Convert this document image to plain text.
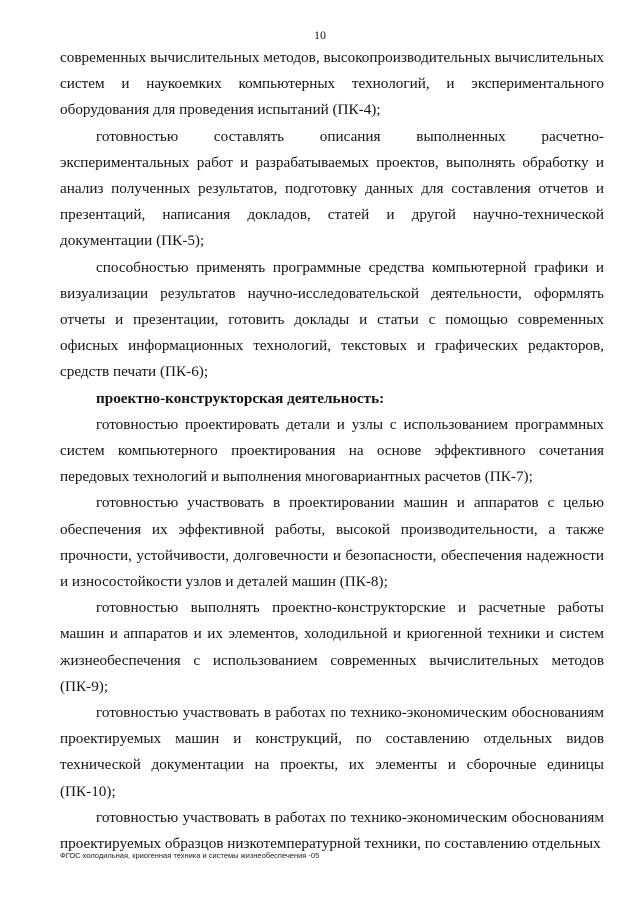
10

современных вычислительных методов, высокопроизводительных вычислительных систем и наукоемких компьютерных технологий, и экспериментального оборудования для проведения испытаний (ПК-4);

готовностью составлять описания выполненных расчетно-экспериментальных работ и разрабатываемых проектов, выполнять обработку и анализ полученных результатов, подготовку данных для составления отчетов и презентаций, написания докладов, статей и другой научно-технической документации (ПК-5);

способностью применять программные средства компьютерной графики и визуализации результатов научно-исследовательской деятельности, оформлять отчеты и презентации, готовить доклады и статьи с помощью современных офисных информационных технологий, текстовых и графических редакторов, средств печати (ПК-6);

проектно-конструкторская деятельность:

готовностью проектировать детали и узлы с использованием программных систем компьютерного проектирования на основе эффективного сочетания передовых технологий и выполнения многовариантных расчетов (ПК-7);

готовностью участвовать в проектировании машин и аппаратов с целью обеспечения их эффективной работы, высокой производительности, а также прочности, устойчивости, долговечности и безопасности, обеспечения надежности и износостойкости узлов и деталей машин (ПК-8);

готовностью выполнять проектно-конструкторские и расчетные работы машин и аппаратов и их элементов, холодильной и криогенной техники и систем жизнеобеспечения с использованием современных вычислительных методов (ПК-9);

готовностью участвовать в работах по технико-экономическим обоснованиям проектируемых машин и конструкций, по составлению отдельных видов технической документации на проекты, их элементы и сборочные единицы (ПК-10);

готовностью участвовать в работах по технико-экономическим обоснованиям проектируемых образцов низкотемпературной техники, по составлению отдельных

ФГОС холодильная, криогенная техника и системы жизнеобеспечения -05
